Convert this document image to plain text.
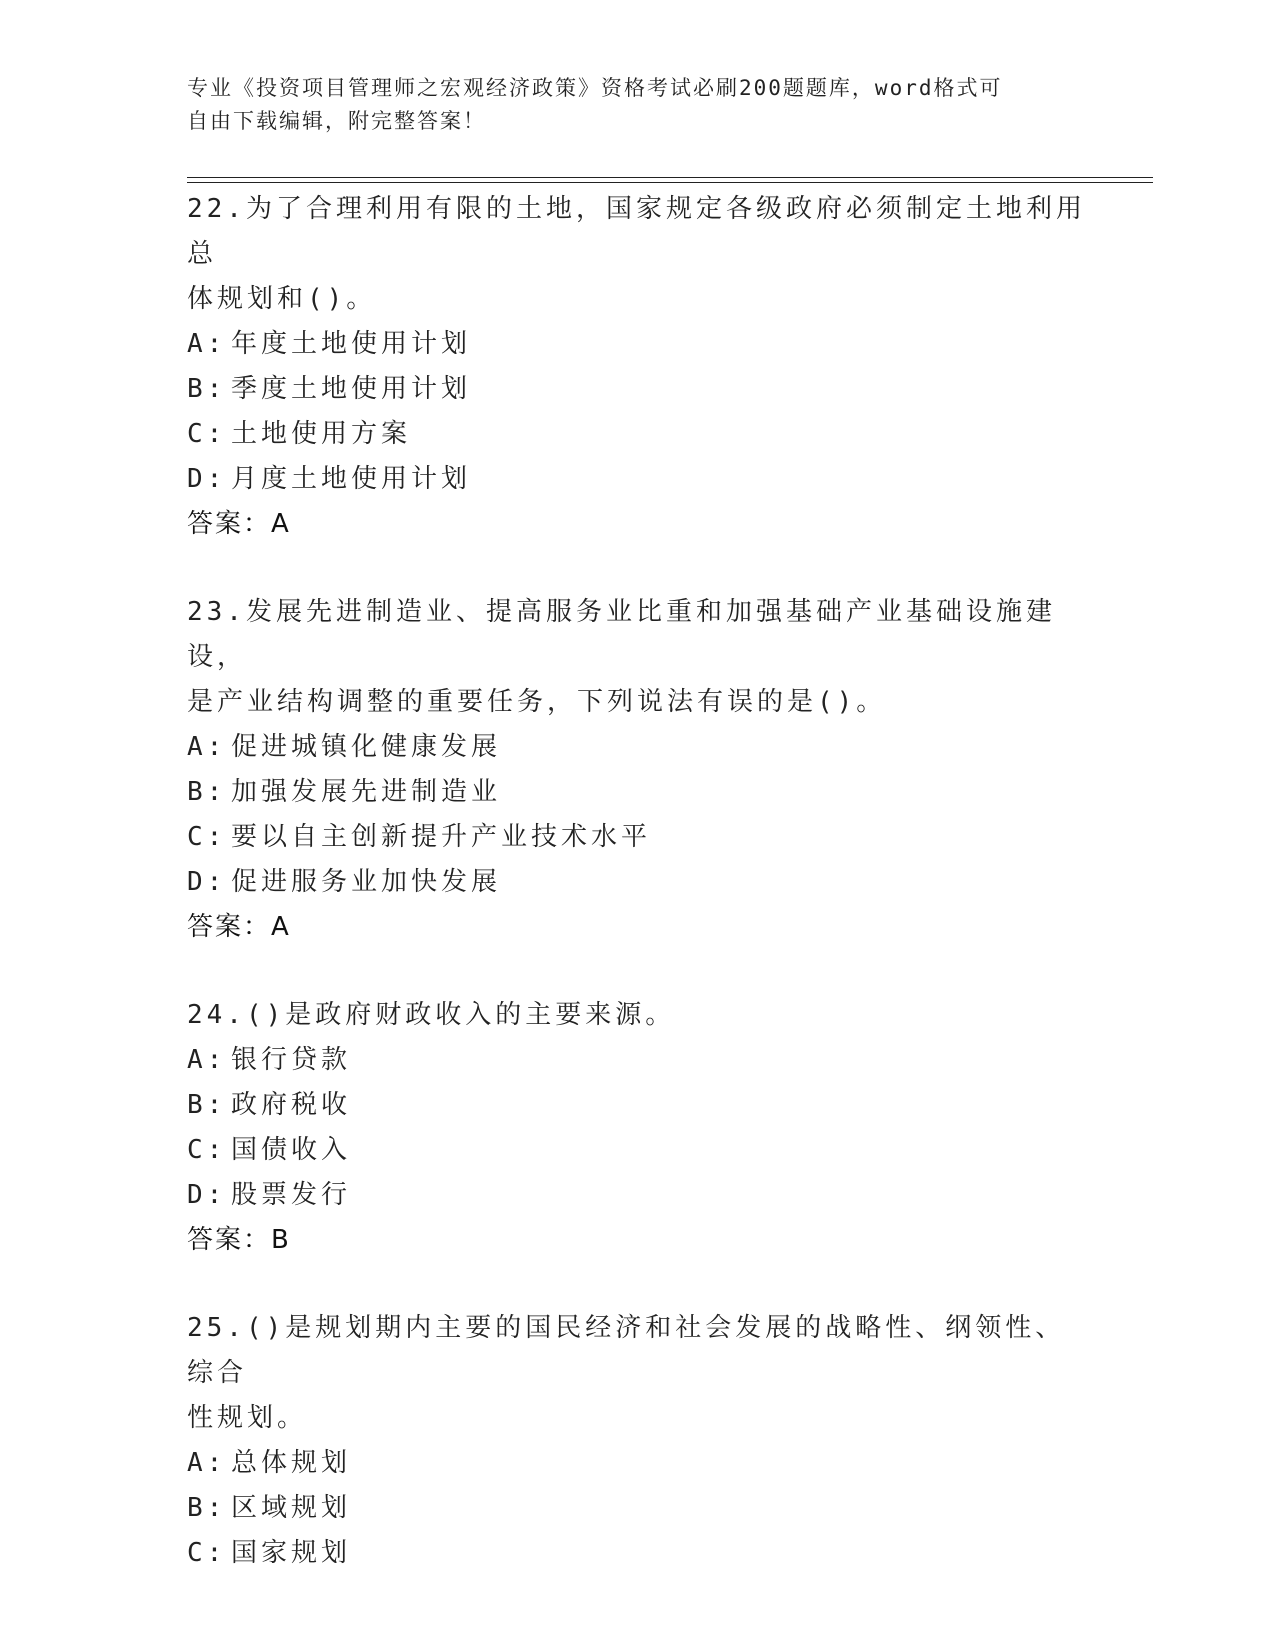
专业《投资项目管理师之宏观经济政策》资格考试必刷200题题库，word格式可
自由下载编辑，附完整答案！
22.为了合理利用有限的土地，国家规定各级政府必须制定土地利用总
体规划和()。
A: 年度土地使用计划
B: 季度土地使用计划
C: 土地使用方案
D: 月度土地使用计划
答案：A
23.发展先进制造业、提高服务业比重和加强基础产业基础设施建设，
是产业结构调整的重要任务，下列说法有误的是()。
A: 促进城镇化健康发展
B: 加强发展先进制造业
C: 要以自主创新提升产业技术水平
D: 促进服务业加快发展
答案：A
24.()是政府财政收入的主要来源。
A: 银行贷款
B: 政府税收
C: 国债收入
D: 股票发行
答案：B
25.()是规划期内主要的国民经济和社会发展的战略性、纲领性、综合
性规划。
A: 总体规划
B: 区域规划
C: 国家规划
